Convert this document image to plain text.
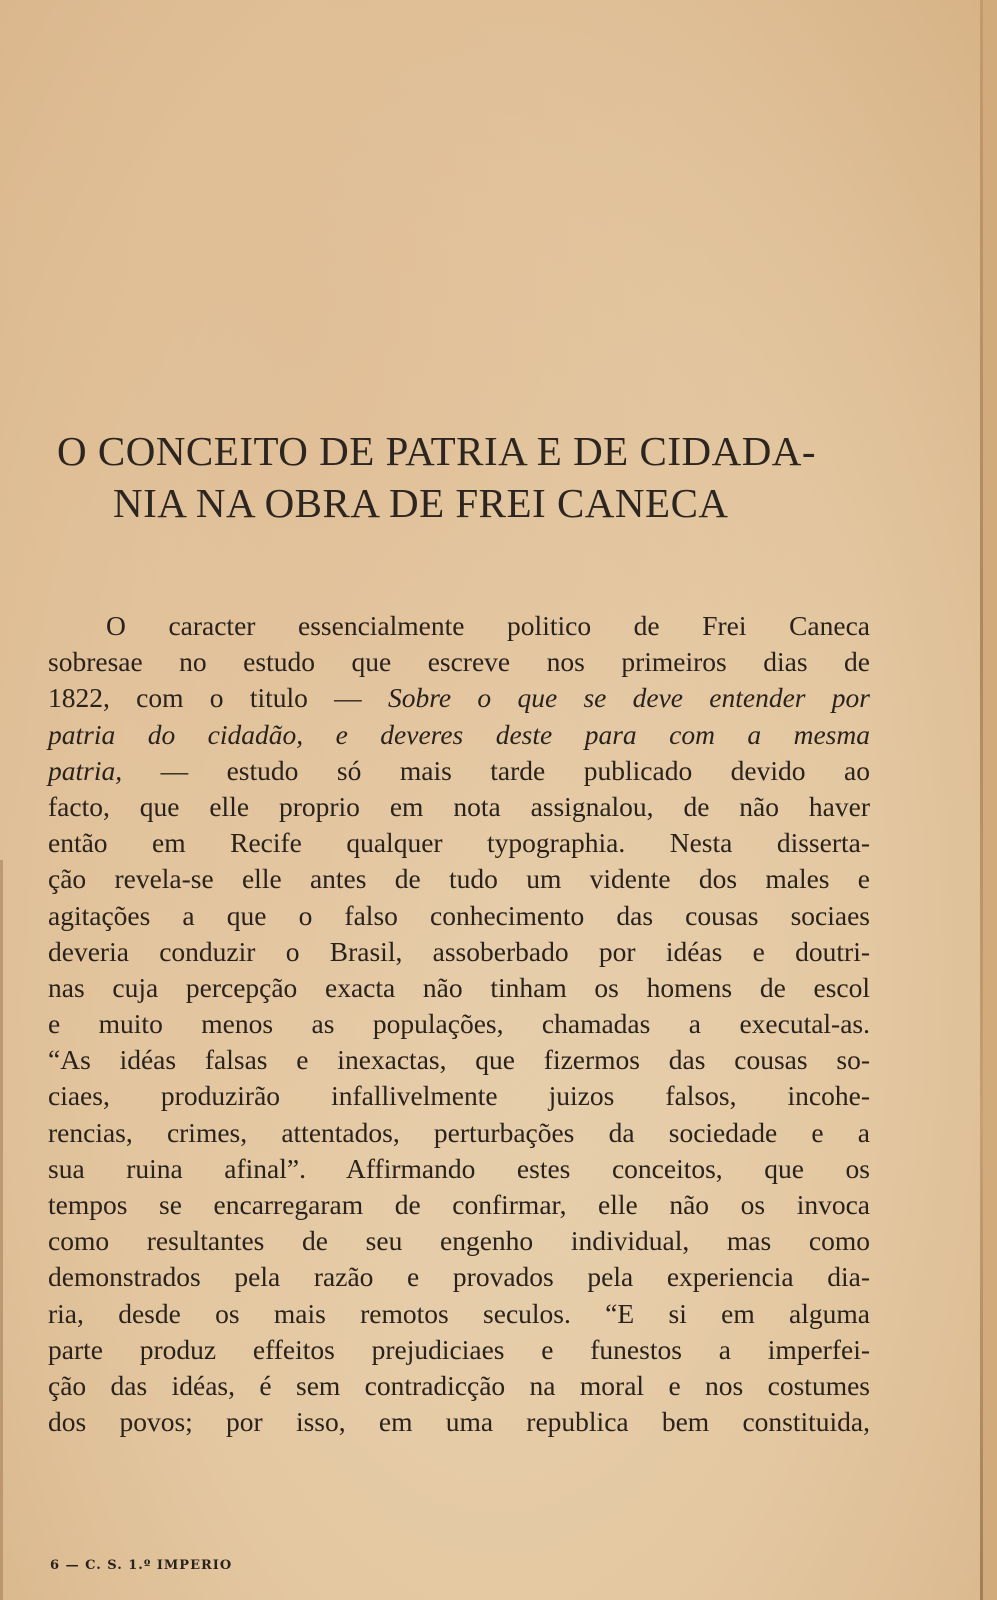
O CONCEITO DE PATRIA E DE CIDADA-
NIA NA OBRA DE FREI CANECA
O caracter essencialmente politico de Frei Caneca
sobresae no estudo que escreve nos primeiros dias de
1822, com o titulo — Sobre o que se deve entender por
patria do cidadão, e deveres deste para com a mesma
patria, — estudo só mais tarde publicado devido ao
facto, que elle proprio em nota assignalou, de não haver
então em Recife qualquer typographia. Nesta disserta-
ção revela-se elle antes de tudo um vidente dos males e
agitações a que o falso conhecimento das cousas sociaes
deveria conduzir o Brasil, assoberbado por idéas e doutri-
nas cuja percepção exacta não tinham os homens de escol
e muito menos as populações, chamadas a executal-as.
“As idéas falsas e inexactas, que fizermos das cousas so-
ciaes, produzirão infallivelmente juizos falsos, incohe-
rencias, crimes, attentados, perturbações da sociedade e a
sua ruina afinal”. Affirmando estes conceitos, que os
tempos se encarregaram de confirmar, elle não os invoca
como resultantes de seu engenho individual, mas como
demonstrados pela razão e provados pela experiencia dia-
ria, desde os mais remotos seculos. “E si em alguma
parte produz effeitos prejudiciaes e funestos a imperfei-
ção das idéas, é sem contradicção na moral e nos costumes
dos povos; por isso, em uma republica bem constituida,
6 — C. S. 1.º IMPERIO
